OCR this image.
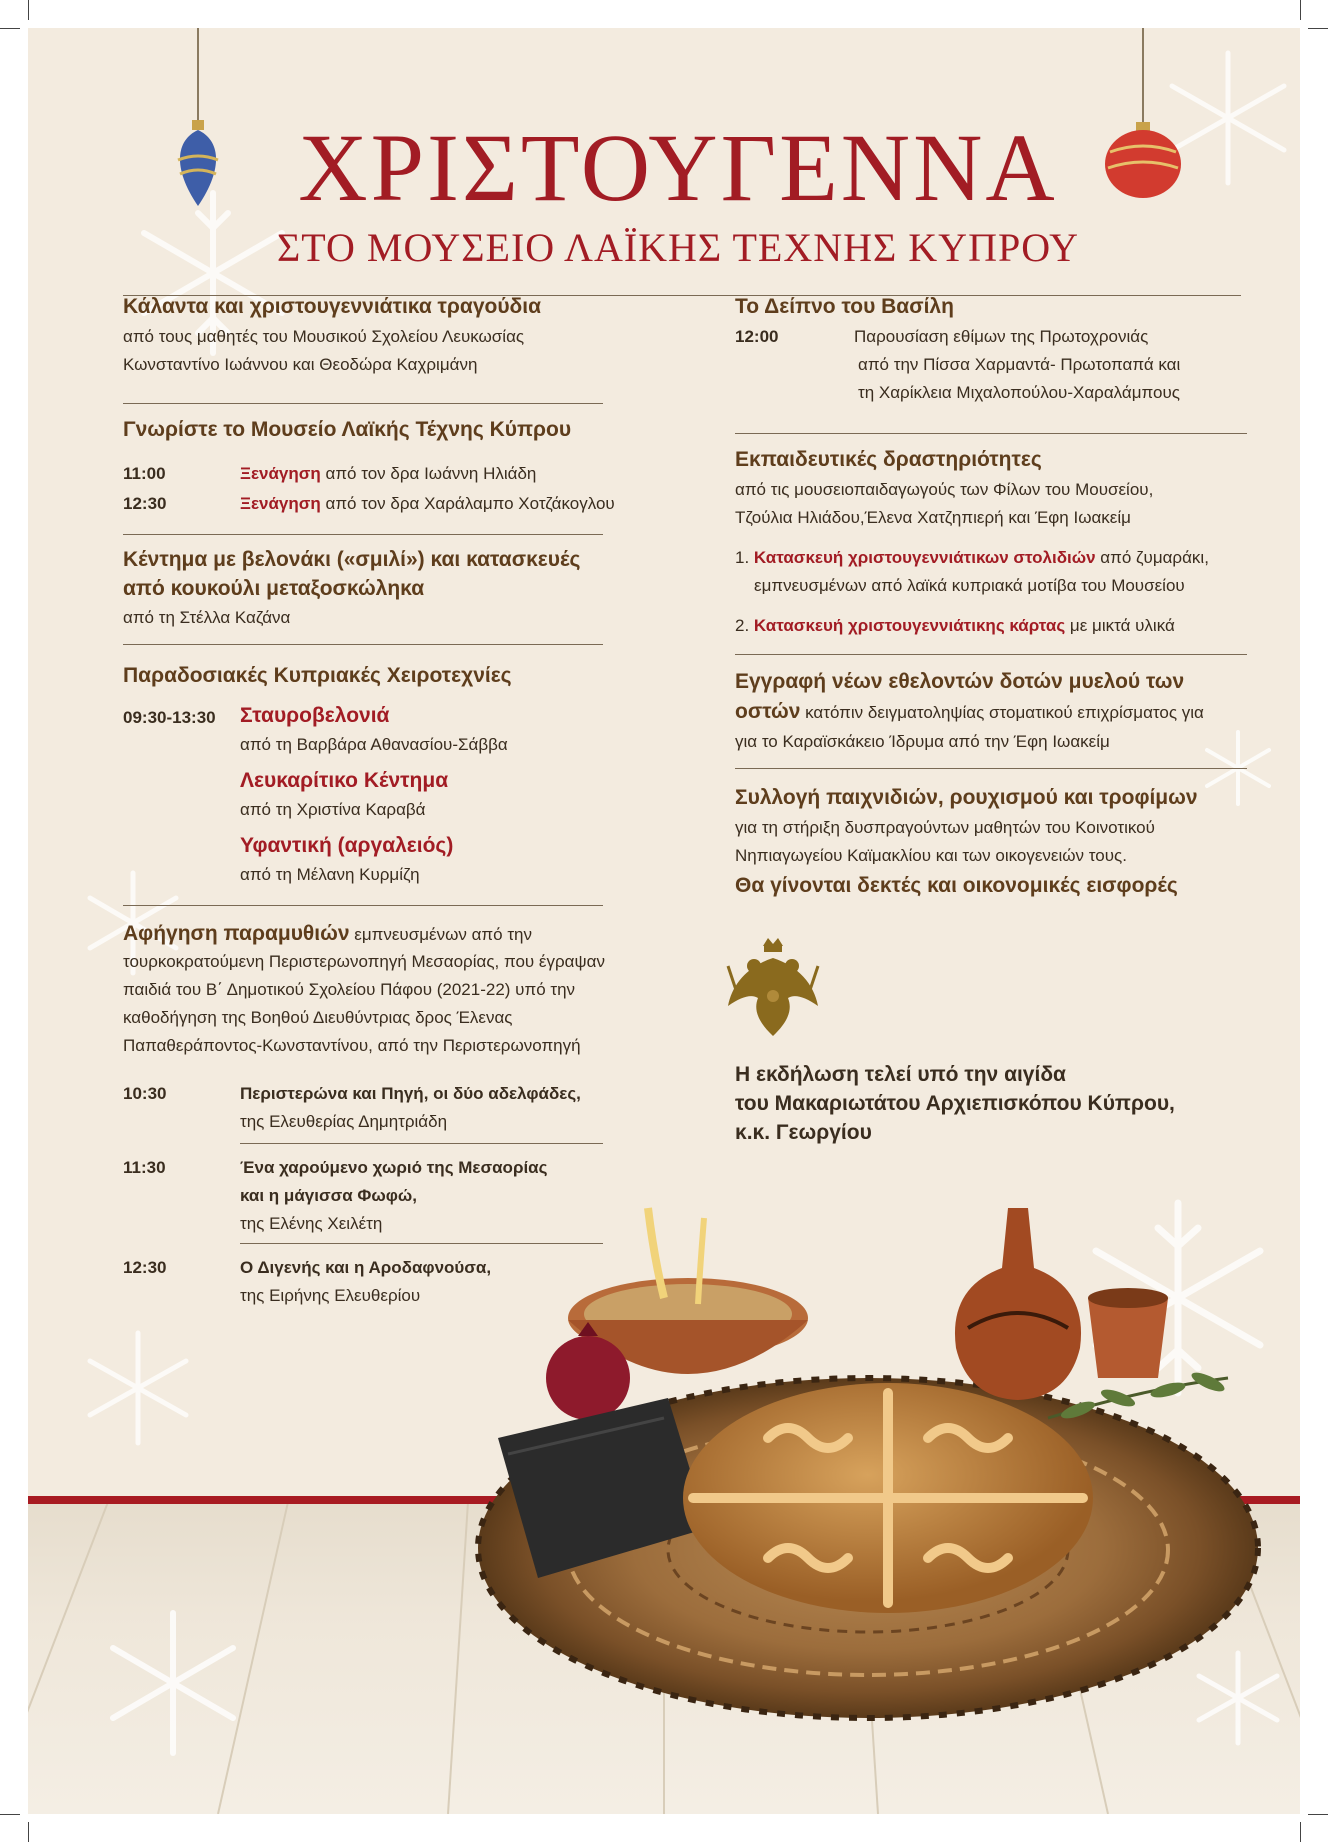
ΧΡΙΣΤΟΥΓΕΝΝΑ
ΣΤΟ ΜΟΥΣΕΙΟ ΛΑΪΚΗΣ ΤΕΧΝΗΣ ΚΥΠΡΟΥ
Κάλαντα και χριστουγεννιάτικα τραγούδια
από τους μαθητές του Μουσικού Σχολείου Λευκωσίας
Κωνσταντίνο Ιωάννου και Θεοδώρα Καχριμάνη
Γνωρίστε το Μουσείο Λαϊκής Τέχνης Κύπρου
11:00	Ξενάγηση από τον δρα Ιωάννη Ηλιάδη
12:30	Ξενάγηση από τον δρα Χαράλαμπο Χοτζάκογλου
Κέντημα με βελονάκι («σμιλί») και κατασκευές
από κουκούλι μεταξοσκώληκα
από τη Στέλλα Καζάνα
Παραδοσιακές Κυπριακές Χειροτεχνίες
09:30-13:30 Σταυροβελονιά
από τη Βαρβάρα Αθανασίου-Σάββα
Λευκαρίτικο Κέντημα
από τη Χριστίνα Καραβά
Υφαντική (αργαλειός)
από τη Μέλανη Κυρμίζη
Αφήγηση παραμυθιών εμπνευσμένων από την
τουρκοκρατούμενη Περιστερωνοπηγή Μεσαορίας, που έγραψαν
παιδιά του Β΄ Δημοτικού Σχολείου Πάφου (2021-22) υπό την
καθοδήγηση της Βοηθού Διευθύντριας δρος Έλενας
Παπαθεράποντος-Κωνσταντίνου, από την Περιστερωνοπηγή
10:30	Περιστερώνα και Πηγή, οι δύο αδελφάδες,
της Ελευθερίας Δημητριάδη
11:30	Ένα χαρούμενο χωριό της Μεσαορίας
και η μάγισσα Φωφώ,
της Ελένης Χειλέτη
12:30	Ο Διγενής και η Αροδαφνούσα,
της Ειρήνης Ελευθερίου
Το Δείπνο του Βασίλη
12:00	Παρουσίαση εθίμων της Πρωτοχρονιάς
από την Πίσσα Χαρμαντά- Πρωτοπαπά και
τη Χαρίκλεια Μιχαλοπούλου-Χαραλάμπους
Εκπαιδευτικές δραστηριότητες
από τις μουσειοπαιδαγωγούς των Φίλων του Μουσείου,
Τζούλια Ηλιάδου,Έλενα Χατζηπιερή και Έφη Ιωακείμ
1. Κατασκευή χριστουγεννιάτικων στολιδιών από ζυμαράκι,
εμπνευσμένων από λαϊκά κυπριακά μοτίβα του Μουσείου
2. Κατασκευή χριστουγεννιάτικης κάρτας με μικτά υλικά
Εγγραφή νέων εθελοντών δοτών μυελού των
οστών κατόπιν δειγματοληψίας στοματικού επιχρίσματος για
για το Καραϊσκάκειο Ίδρυμα από την Έφη Ιωακείμ
Συλλογή παιχνιδιών, ρουχισμού και τροφίμων
για τη στήριξη δυσπραγούντων μαθητών του Κοινοτικού
Νηπιαγωγείου Καϊμακλίου και των οικογενειών τους.
Θα γίνονται δεκτές και οικονομικές εισφορές
Η εκδήλωση τελεί υπό την αιγίδα
του Μακαριωτάτου Αρχιεπισκόπου Κύπρου,
κ.κ. Γεωργίου
